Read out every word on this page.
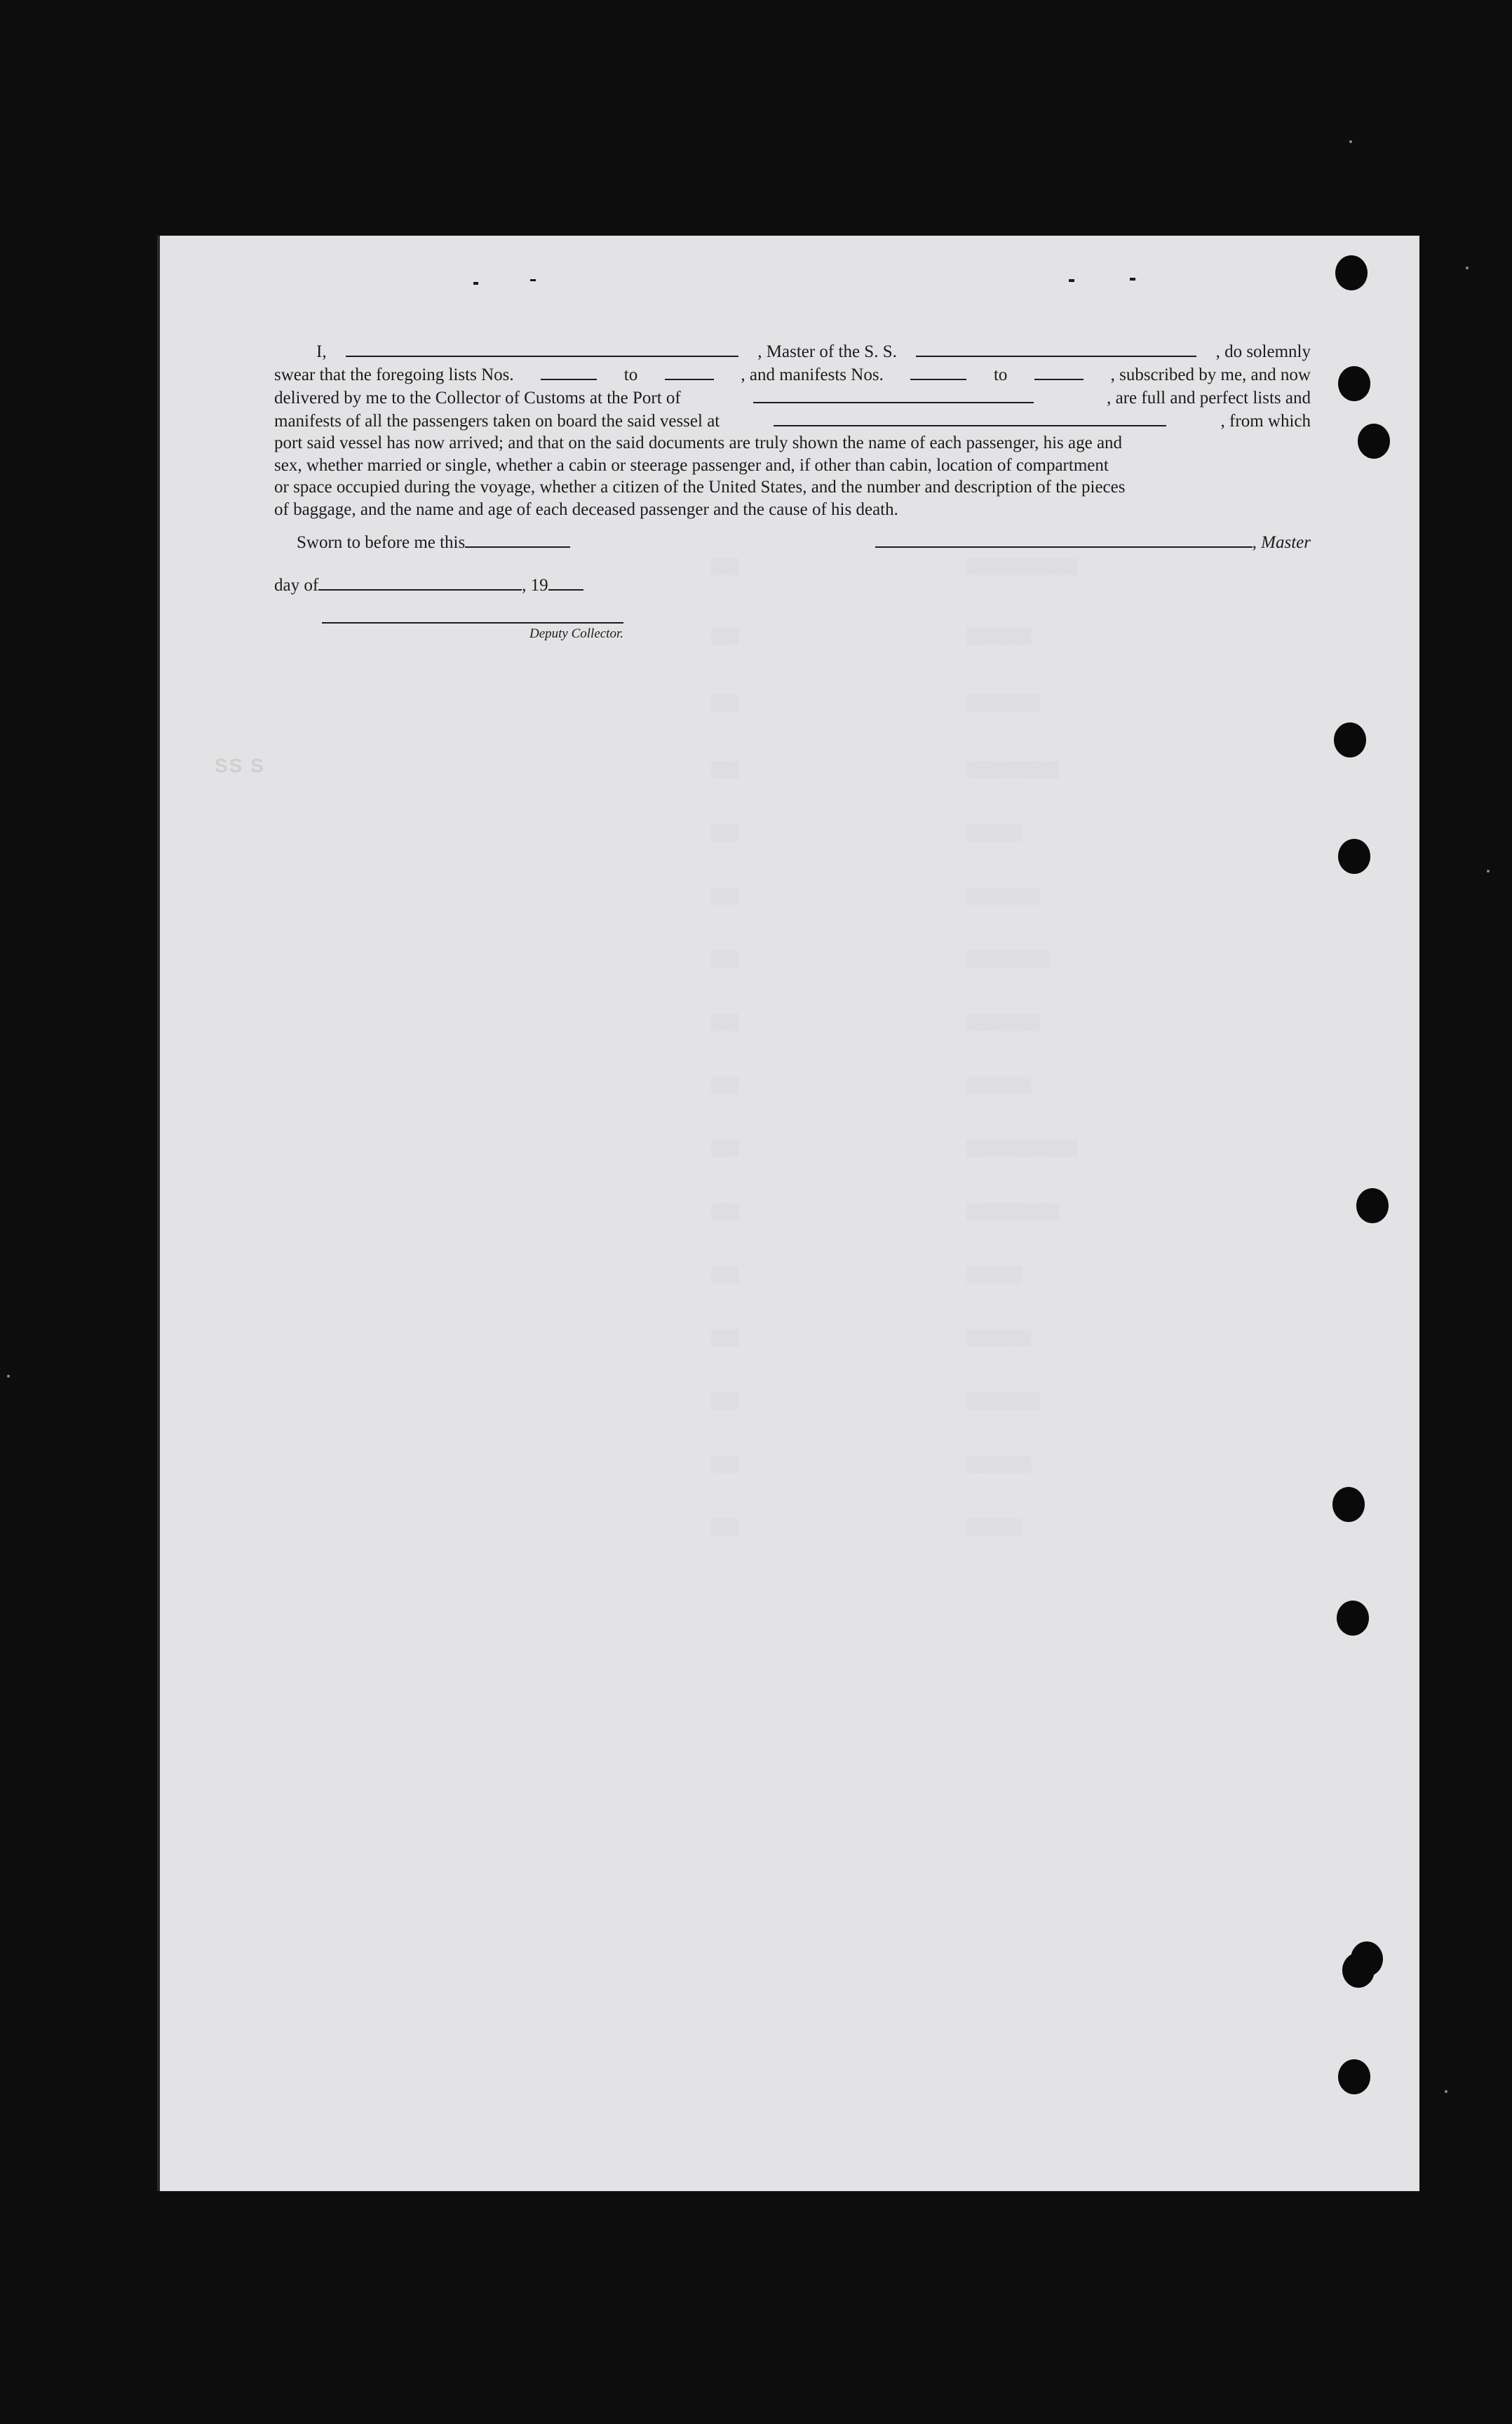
I,	, Master of the S. S.	, do solemnly
swear that the foregoing lists Nos.	to	, and manifests Nos.	to	, subscribed by me, and now
delivered by me to the Collector of Customs at the Port of	, are full and perfect lists and
manifests of all the passengers taken on board the said vessel at	, from which
port said vessel has now arrived; and that on the said documents are truly shown the name of each passenger, his age and
sex, whether married or single, whether a cabin or steerage passenger and, if other than cabin, location of compartment
or space occupied during the voyage, whether a citizen of the United States, and the number and description of the pieces
of baggage, and the name and age of each deceased passenger and the cause of his death.
Sworn to before me this
day of	, 19
Deputy Collector.
, Master
▒▒▒	▒▒▒▒▒▒▒▒▒▒▒▒
▒▒▒	▒▒▒▒▒▒▒
▒▒▒	▒▒▒▒▒▒▒▒
▒▒▒	▒▒▒▒▒▒▒▒▒▒
▒▒▒	▒▒▒▒▒▒
▒▒▒	▒▒▒▒▒▒▒▒
▒▒▒	▒▒▒▒▒▒▒▒▒
▒▒▒	▒▒▒▒▒▒▒▒
▒▒▒	▒▒▒▒▒▒▒
▒▒▒	▒▒▒▒▒▒▒▒▒▒▒▒
▒▒▒	▒▒▒▒▒▒▒▒▒▒
▒▒▒	▒▒▒▒▒▒
▒▒▒	▒▒▒▒▒▒▒
▒▒▒	▒▒▒▒▒▒▒▒
▒▒▒	▒▒▒▒▒▒▒
▒▒▒	▒▒▒▒▒▒
SS S
